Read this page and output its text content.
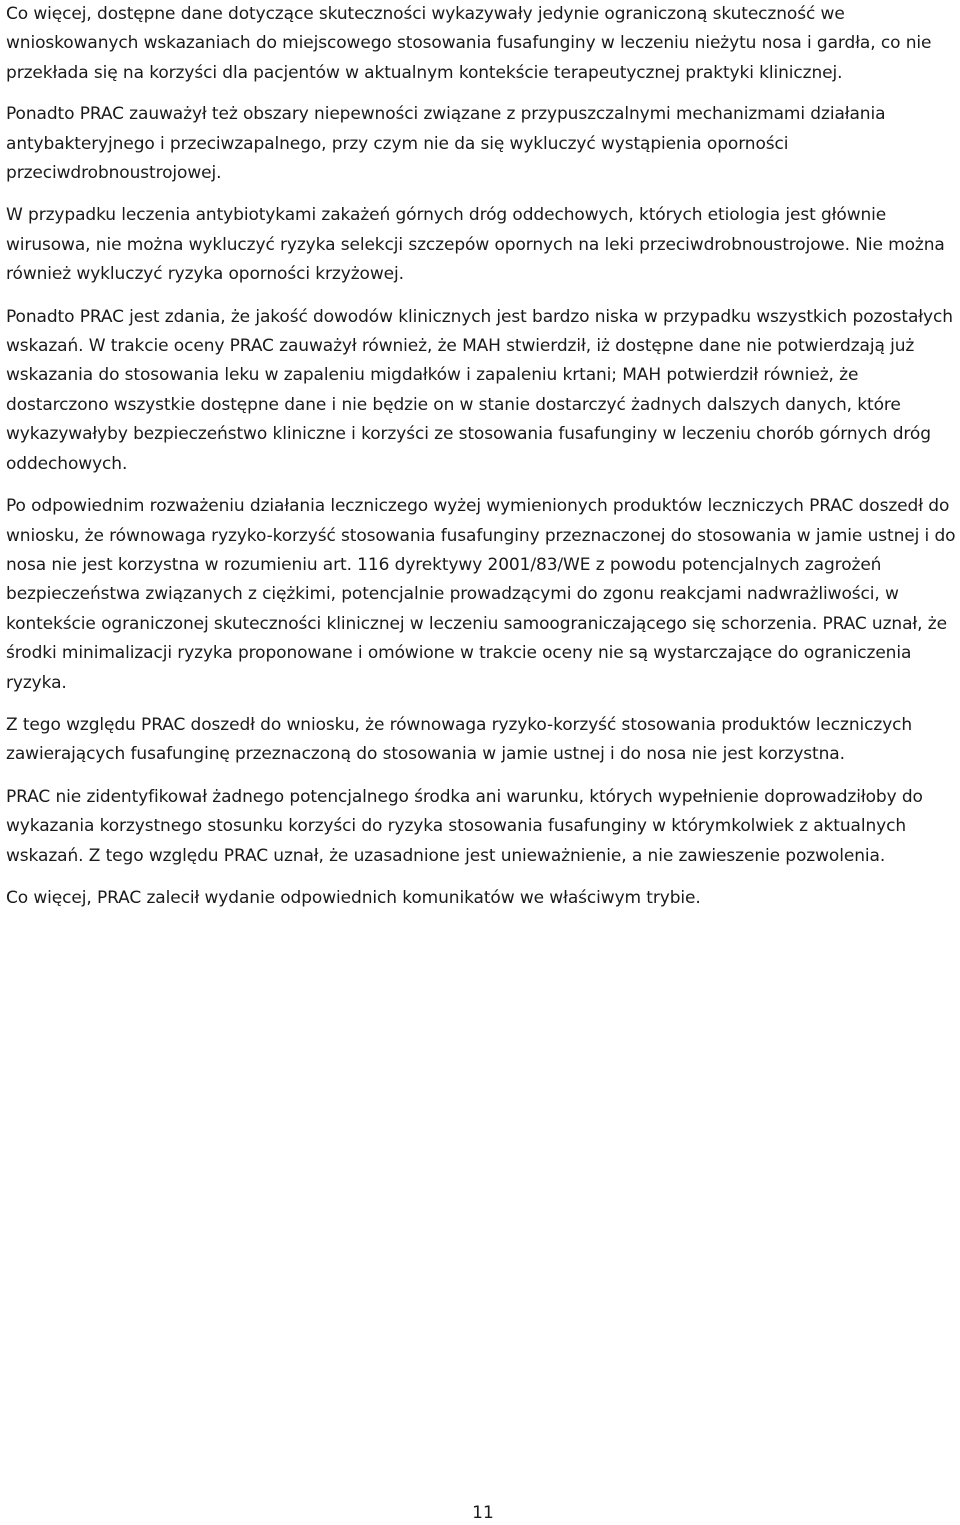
Co więcej, dostępne dane dotyczące skuteczności wykazywały jedynie ograniczoną skuteczność we wnioskowanych wskazaniach do miejscowego stosowania fusafunginy w leczeniu nieżytu nosa i gardła, co nie przekłada się na korzyści dla pacjentów w aktualnym kontekście terapeutycznej praktyki klinicznej.

Ponadto PRAC zauważył też obszary niepewności związane z przypuszczalnymi mechanizmami działania antybakteryjnego i przeciwzapalnego, przy czym nie da się wykluczyć wystąpienia oporności przeciwdrobnoustrojowej.

W przypadku leczenia antybiotykami zakażeń górnych dróg oddechowych, których etiologia jest głównie wirusowa, nie można wykluczyć ryzyka selekcji szczepów opornych na leki przeciwdrobnoustrojowe. Nie można również wykluczyć ryzyka oporności krzyżowej.

Ponadto PRAC jest zdania, że jakość dowodów klinicznych jest bardzo niska w przypadku wszystkich pozostałych wskazań. W trakcie oceny PRAC zauważył również, że MAH stwierdził, iż dostępne dane nie potwierdzają już wskazania do stosowania leku w zapaleniu migdałków i zapaleniu krtani; MAH potwierdził również, że dostarczono wszystkie dostępne dane i nie będzie on w stanie dostarczyć żadnych dalszych danych, które wykazywałyby bezpieczeństwo kliniczne i korzyści ze stosowania fusafunginy w leczeniu chorób górnych dróg oddechowych.

Po odpowiednim rozważeniu działania leczniczego wyżej wymienionych produktów leczniczych PRAC doszedł do wniosku, że równowaga ryzyko-korzyść stosowania fusafunginy przeznaczonej do stosowania w jamie ustnej i do nosa nie jest korzystna w rozumieniu art. 116 dyrektywy 2001/83/WE z powodu potencjalnych zagrożeń bezpieczeństwa związanych z ciężkimi, potencjalnie prowadzącymi do zgonu reakcjami nadwrażliwości, w kontekście ograniczonej skuteczności klinicznej w leczeniu samoograniczającego się schorzenia. PRAC uznał, że środki minimalizacji ryzyka proponowane i omówione w trakcie oceny nie są wystarczające do ograniczenia ryzyka.

Z tego względu PRAC doszedł do wniosku, że równowaga ryzyko-korzyść stosowania produktów leczniczych zawierających fusafunginę przeznaczoną do stosowania w jamie ustnej i do nosa nie jest korzystna.

PRAC nie zidentyfikował żadnego potencjalnego środka ani warunku, których wypełnienie doprowadziłoby do wykazania korzystnego stosunku korzyści do ryzyka stosowania fusafunginy w którymkolwiek z aktualnych wskazań. Z tego względu PRAC uznał, że uzasadnione jest unieważnienie, a nie zawieszenie pozwolenia.

Co więcej, PRAC zalecił wydanie odpowiednich komunikatów we właściwym trybie.

11
